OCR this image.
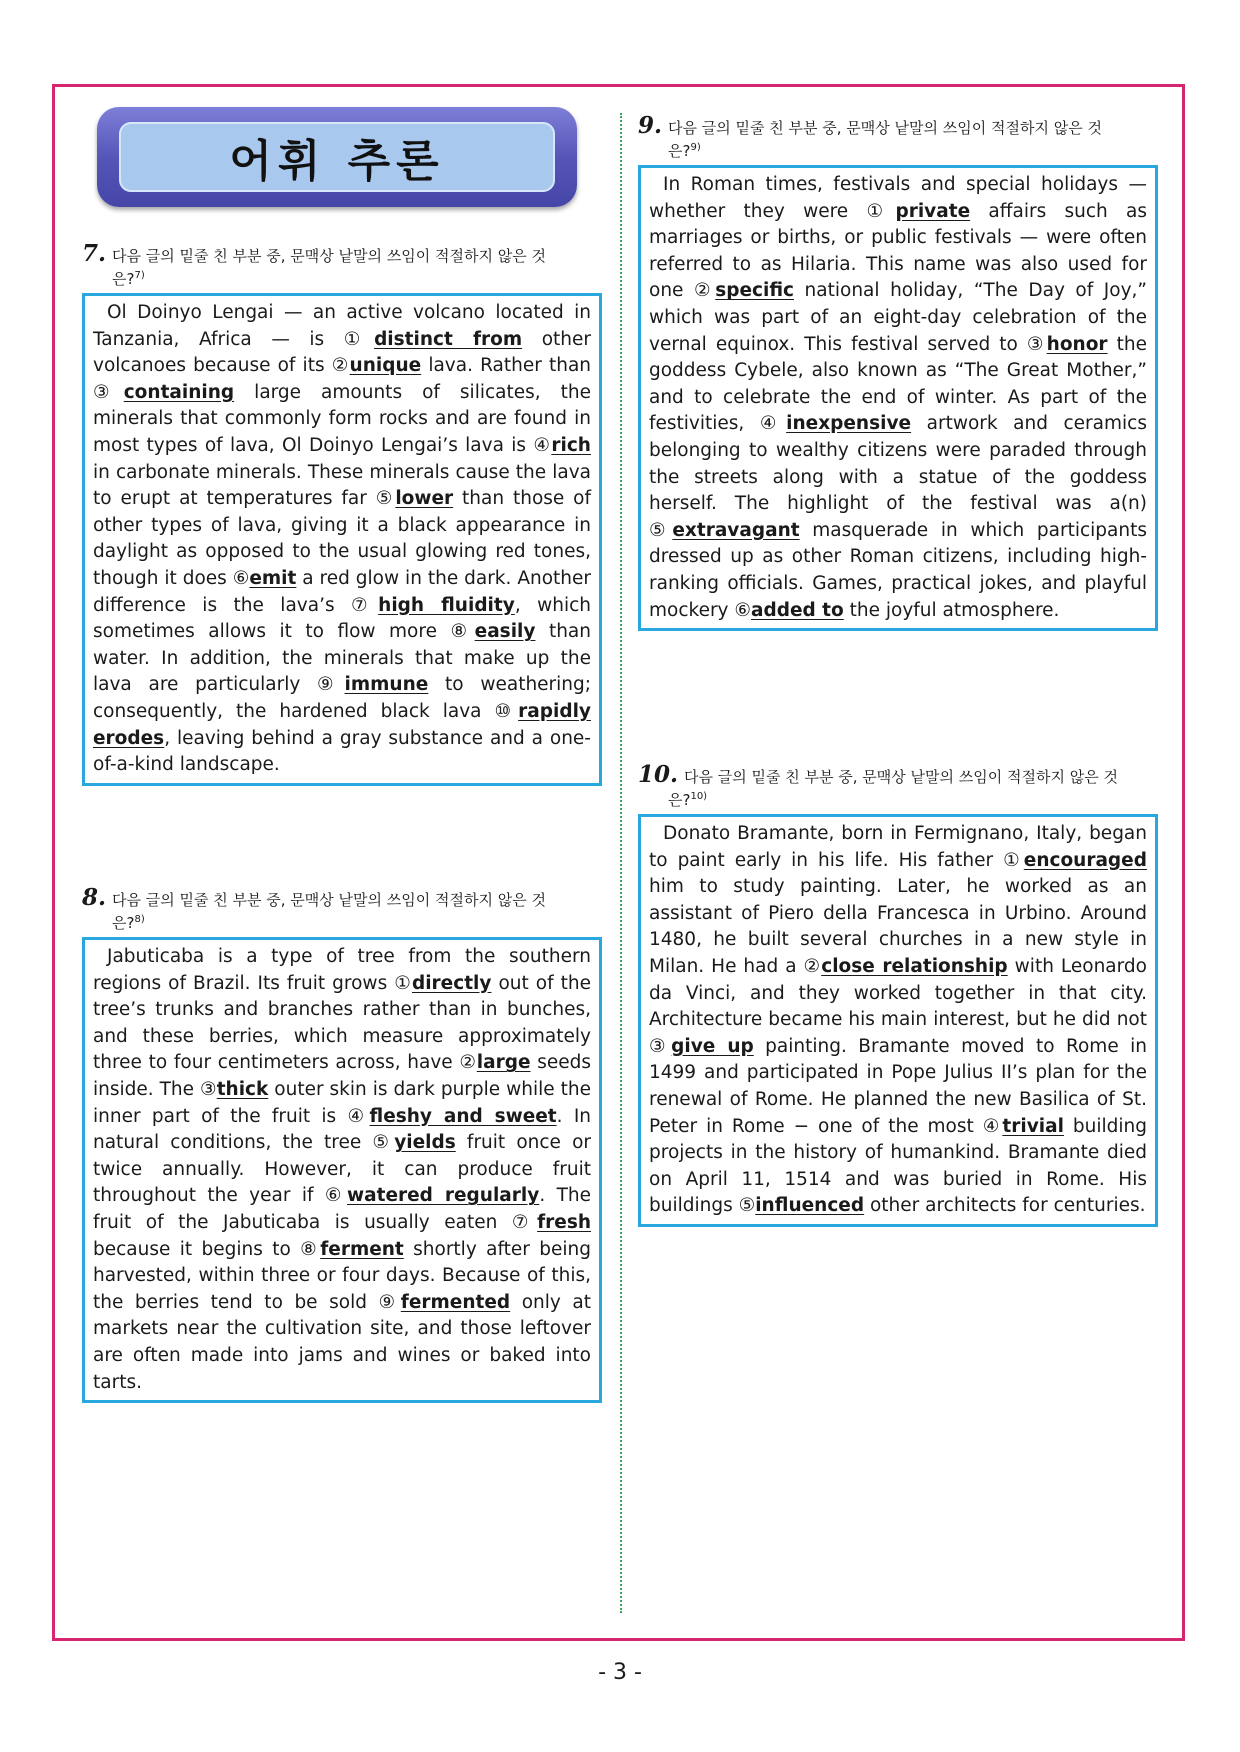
어휘 추론
7. 다음 글의 밑줄 친 부분 중, 문맥상 낱말의 쓰임이 적절하지 않은 것
은?$^{7)}$

Ol Doinyo Lengai — an active volcano located in Tanzania, Africa — is ①distinct from other volcanoes because of its ②unique lava. Rather than ③containing large amounts of silicates, the minerals that commonly form rocks and are found in most types of lava, Ol Doinyo Lengai’s lava is ④rich in carbonate minerals. These minerals cause the lava to erupt at temperatures far ⑤lower than those of other types of lava, giving it a black appearance in daylight as opposed to the usual glowing red tones, though it does ⑥emit a red glow in the dark. Another difference is the lava’s ⑦high fluidity, which sometimes allows it to flow more ⑧easily than water. In addition, the minerals that make up the lava are particularly ⑨immune to weathering; consequently, the hardened black lava ⑩rapidly erodes, leaving behind a gray substance and a one-of-a-kind landscape.

8. 다음 글의 밑줄 친 부분 중, 문맥상 낱말의 쓰임이 적절하지 않은 것
은?$^{8)}$

Jabuticaba is a type of tree from the southern regions of Brazil. Its fruit grows ①directly out of the tree’s trunks and branches rather than in bunches, and these berries, which measure approximately three to four centimeters across, have ②large seeds inside. The ③thick outer skin is dark purple while the inner part of the fruit is ④fleshy and sweet. In natural conditions, the tree ⑤yields fruit once or twice annually. However, it can produce fruit throughout the year if ⑥watered regularly. The fruit of the Jabuticaba is usually eaten ⑦fresh because it begins to ⑧ferment shortly after being harvested, within three or four days. Because of this, the berries tend to be sold ⑨fermented only at markets near the cultivation site, and those leftover are often made into jams and wines or baked into tarts.

9. 다음 글의 밑줄 친 부분 중, 문맥상 낱말의 쓰임이 적절하지 않은 것
은?$^{9)}$

In Roman times, festivals and special holidays — whether they were ①private affairs such as marriages or births, or public festivals — were often referred to as Hilaria. This name was also used for one ②specific national holiday, “The Day of Joy,” which was part of an eight-day celebration of the vernal equinox. This festival served to ③honor the goddess Cybele, also known as “The Great Mother,” and to celebrate the end of winter. As part of the festivities, ④inexpensive artwork and ceramics belonging to wealthy citizens were paraded through the streets along with a statue of the goddess herself. The highlight of the festival was a(n) ⑤extravagant masquerade in which participants dressed up as other Roman citizens, including high-ranking officials. Games, practical jokes, and playful mockery ⑥added to the joyful atmosphere.

10. 다음 글의 밑줄 친 부분 중, 문맥상 낱말의 쓰임이 적절하지 않은 것
은?$^{10)}$

Donato Bramante, born in Fermignano, Italy, began to paint early in his life. His father ①encouraged him to study painting. Later, he worked as an assistant of Piero della Francesca in Urbino. Around 1480, he built several churches in a new style in Milan. He had a ②close relationship with Leonardo da Vinci, and they worked together in that city. Architecture became his main interest, but he did not ③give up painting. Bramante moved to Rome in 1499 and participated in Pope Julius II’s plan for the renewal of Rome. He planned the new Basilica of St. Peter in Rome − one of the most ④trivial building projects in the history of humankind. Bramante died on April 11, 1514 and was buried in Rome. His buildings ⑤influenced other architects for centuries.

- 3 -
